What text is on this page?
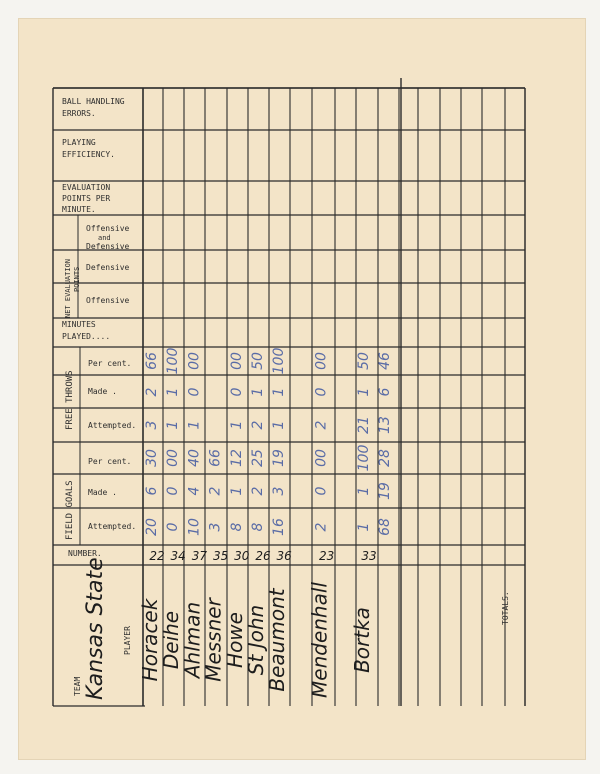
BALL HANDLING
ERRORS.
PLAYING
EFFICIENCY.
EVALUATION
POINTS PER
MINUTE.
NET EVALUATION POINTS
Offensive
and
Defensive
Defensive
Offensive
MINUTES
PLAYED....
FREE THROWS
FIELD GOALS
Per cent.
Made .
Attempted.
Per cent.
Made .
Attempted.
NUMBER.
TEAM
PLAYER
TOTALS.
Kansas State
66
2
3
30
6
20
22
Horacek
100
1
1
00
0
0
34
Deihe
00
0
1
40
4
10
37
Ahlman
66
2
3
35
Messner
00
0
1
12
1
8
30
Howe
50
1
2
25
2
8
26
St John
100
1
1
19
3
16
36
Beaumont
00
0
2
00
0
2
23
Mendenhall
50
1
21
100
1
1
33
Bortka
46
6
13
28
19
68
